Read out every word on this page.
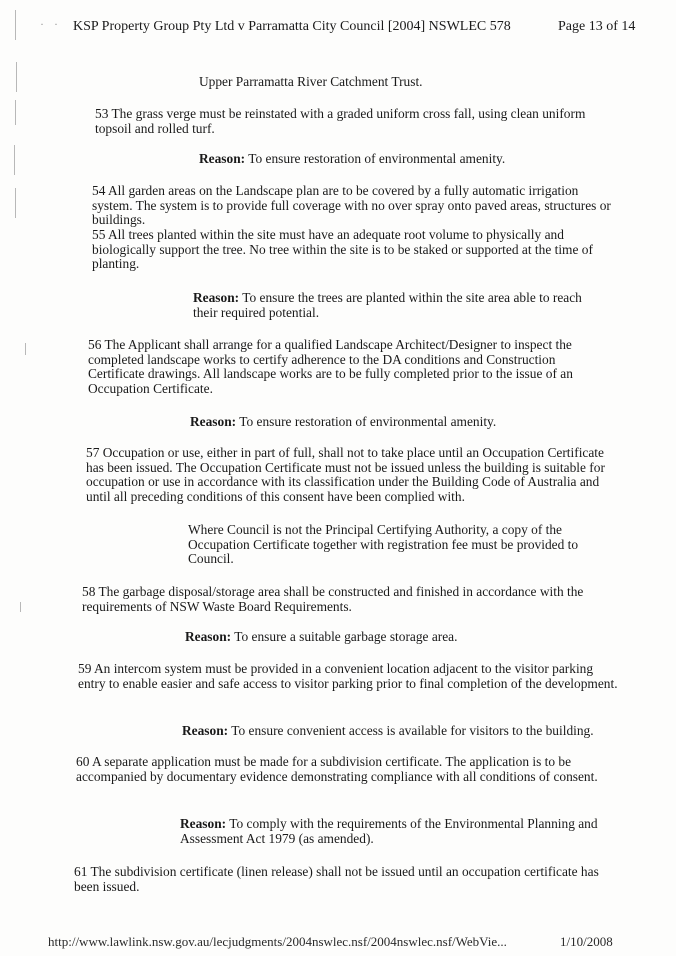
·· KSP Property Group Pty Ltd v Parramatta City Council [2004] NSWLEC 578	Page 13 of 14
Upper Parramatta River Catchment Trust.
53 The grass verge must be reinstated with a graded uniform cross fall, using clean uniform topsoil and rolled turf.
Reason: To ensure restoration of environmental amenity.
54 All garden areas on the Landscape plan are to be covered by a fully automatic irrigation system. The system is to provide full coverage with no over spray onto paved areas, structures or buildings.
55 All trees planted within the site must have an adequate root volume to physically and biologically support the tree. No tree within the site is to be staked or supported at the time of planting.
Reason: To ensure the trees are planted within the site area able to reach their required potential.
56 The Applicant shall arrange for a qualified Landscape Architect/Designer to inspect the completed landscape works to certify adherence to the DA conditions and Construction Certificate drawings. All landscape works are to be fully completed prior to the issue of an Occupation Certificate.
Reason: To ensure restoration of environmental amenity.
57 Occupation or use, either in part of full, shall not to take place until an Occupation Certificate has been issued. The Occupation Certificate must not be issued unless the building is suitable for occupation or use in accordance with its classification under the Building Code of Australia and until all preceding conditions of this consent have been complied with.
Where Council is not the Principal Certifying Authority, a copy of the Occupation Certificate together with registration fee must be provided to Council.
58 The garbage disposal/storage area shall be constructed and finished in accordance with the requirements of NSW Waste Board Requirements.
Reason: To ensure a suitable garbage storage area.
59 An intercom system must be provided in a convenient location adjacent to the visitor parking entry to enable easier and safe access to visitor parking prior to final completion of the development.
Reason: To ensure convenient access is available for visitors to the building.
60 A separate application must be made for a subdivision certificate. The application is to be accompanied by documentary evidence demonstrating compliance with all conditions of consent.
Reason: To comply with the requirements of the Environmental Planning and Assessment Act 1979 (as amended).
61 The subdivision certificate (linen release) shall not be issued until an occupation certificate has been issued.
http://www.lawlink.nsw.gov.au/lecjudgments/2004nswlec.nsf/2004nswlec.nsf/WebVie...	1/10/2008
